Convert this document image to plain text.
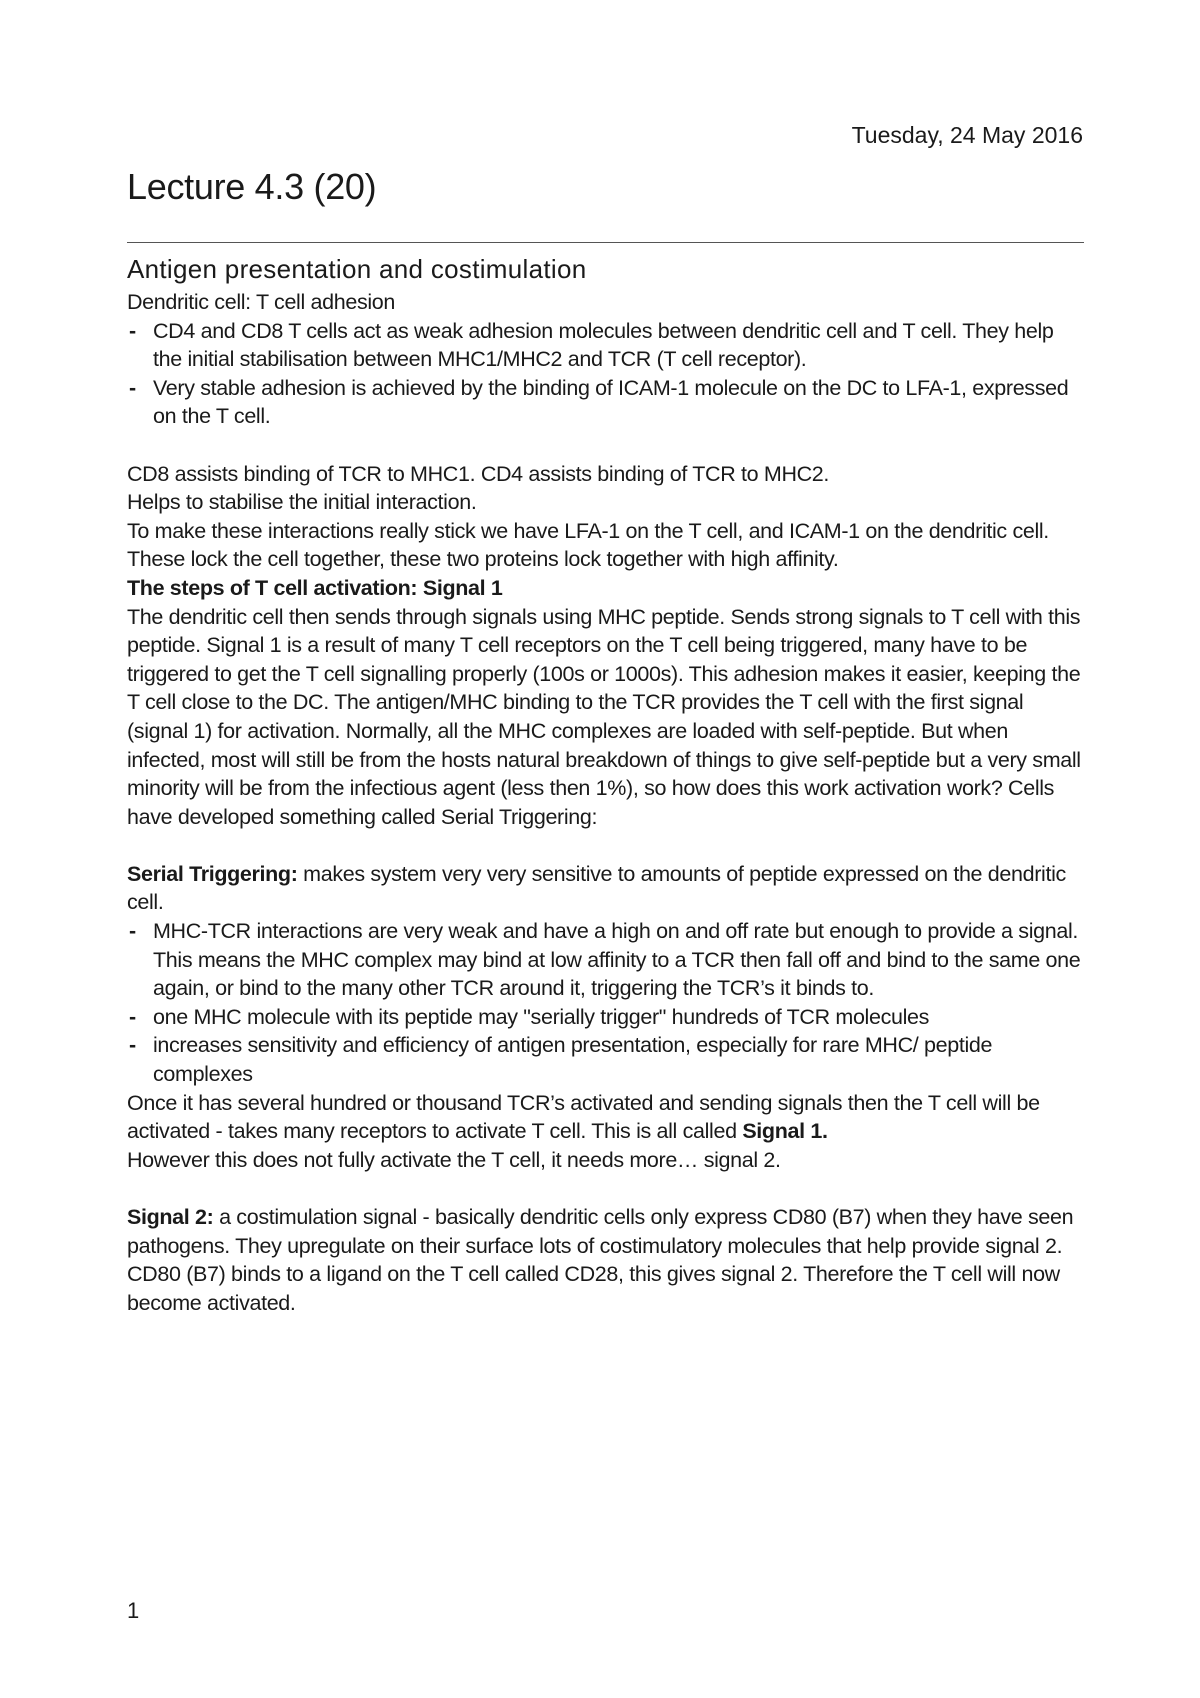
Tuesday, 24 May 2016
Lecture 4.3 (20)
Antigen presentation and costimulation

Dendritic cell: T cell adhesion

- CD4 and CD8 T cells act as weak adhesion molecules between dendritic cell and T cell. They help the initial stabilisation between MHC1/MHC2 and TCR (T cell receptor).
- Very stable adhesion is achieved by the binding of ICAM-1 molecule on the DC to LFA-1, expressed on the T cell.

CD8 assists binding of TCR to MHC1. CD4 assists binding of TCR to MHC2.

Helps to stabilise the initial interaction.

To make these interactions really stick we have LFA-1 on the T cell, and ICAM-1 on the dendritic cell. These lock the cell together, these two proteins lock together with high affinity.

The steps of T cell activation: Signal 1

The dendritic cell then sends through signals using MHC peptide. Sends strong signals to T cell with this peptide. Signal 1 is a result of many T cell receptors on the T cell being triggered, many have to be triggered to get the T cell signalling properly (100s or 1000s). This adhesion makes it easier, keeping the T cell close to the DC. The antigen/MHC binding to the TCR provides the T cell with the first signal (signal 1) for activation. Normally, all the MHC complexes are loaded with self-peptide. But when infected, most will still be from the hosts natural breakdown of things to give self-peptide but a very small minority will be from the infectious agent (less then 1%), so how does this work activation work? Cells have developed something called Serial Triggering:

Serial Triggering: makes system very very sensitive to amounts of peptide expressed on the dendritic cell.

- MHC-TCR interactions are very weak and have a high on and off rate but enough to provide a signal. This means the MHC complex may bind at low affinity to a TCR then fall off and bind to the same one again, or bind to the many other TCR around it, triggering the TCR’s it binds to.
- one MHC molecule with its peptide may "serially trigger" hundreds of TCR molecules
- increases sensitivity and efficiency of antigen presentation, especially for rare MHC/ peptide complexes

Once it has several hundred or thousand TCR’s activated and sending signals then the T cell will be activated - takes many receptors to activate T cell. This is all called Signal 1.

However this does not fully activate the T cell, it needs more… signal 2.

Signal 2: a costimulation signal - basically dendritic cells only express CD80 (B7) when they have seen pathogens. They upregulate on their surface lots of costimulatory molecules that help provide signal 2.

CD80 (B7) binds to a ligand on the T cell called CD28, this gives signal 2. Therefore the T cell will now become activated.

1
